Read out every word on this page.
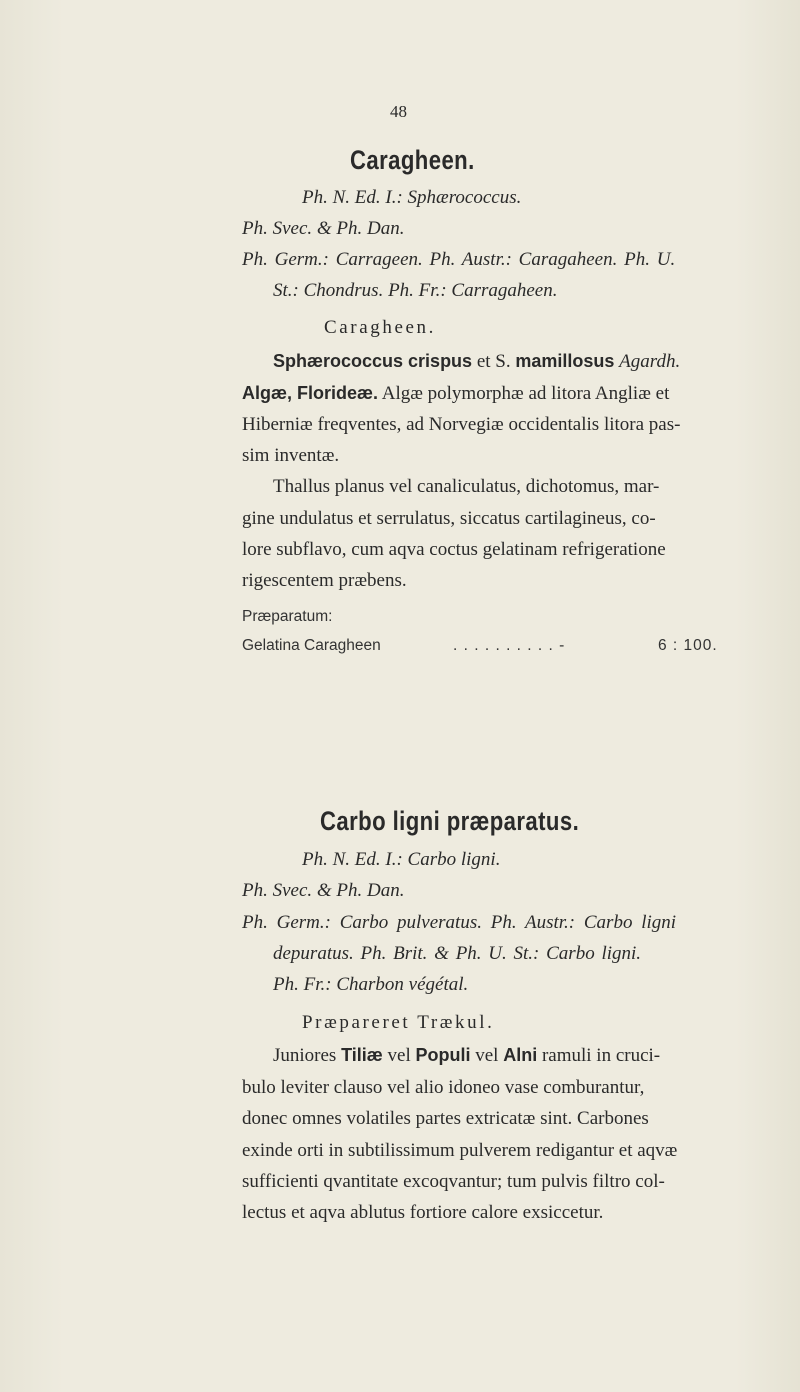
48
Caragheen.
Ph. N. Ed. I.: Sphærococcus.
Ph. Svec. & Ph. Dan.
Ph. Germ.: Carrageen. Ph. Austr.: Caragaheen. Ph. U.
St.: Chondrus. Ph. Fr.: Carragaheen.
Caragheen.
Sphærococcus crispus et S. mamillosus Agardh.
Algæ, Florideæ. Algæ polymorphæ ad litora Angliæ et
Hiberniæ freqventes, ad Norvegiæ occidentalis litora pas-
sim inventæ.
Thallus planus vel canaliculatus, dichotomus, mar-
gine undulatus et serrulatus, siccatus cartilagineus, co-
lore subflavo, cum aqva coctus gelatinam refrigeratione
rigescentem præbens.
Præparatum:
Gelatina Caragheen	. . . . . . . . . . -	6 : 100.
Carbo ligni præparatus.
Ph. N. Ed. I.: Carbo ligni.
Ph. Svec. & Ph. Dan.
Ph. Germ.: Carbo pulveratus. Ph. Austr.: Carbo ligni
depuratus. Ph. Brit. & Ph. U. St.: Carbo ligni.
Ph. Fr.: Charbon végétal.
Præpareret Trækul.
Juniores Tiliæ vel Populi vel Alni ramuli in cruci-
bulo leviter clauso vel alio idoneo vase comburantur,
donec omnes volatiles partes extricatæ sint. Carbones
exinde orti in subtilissimum pulverem redigantur et aqvæ
sufficienti qvantitate excoqvantur; tum pulvis filtro col-
lectus et aqva ablutus fortiore calore exsiccetur.
